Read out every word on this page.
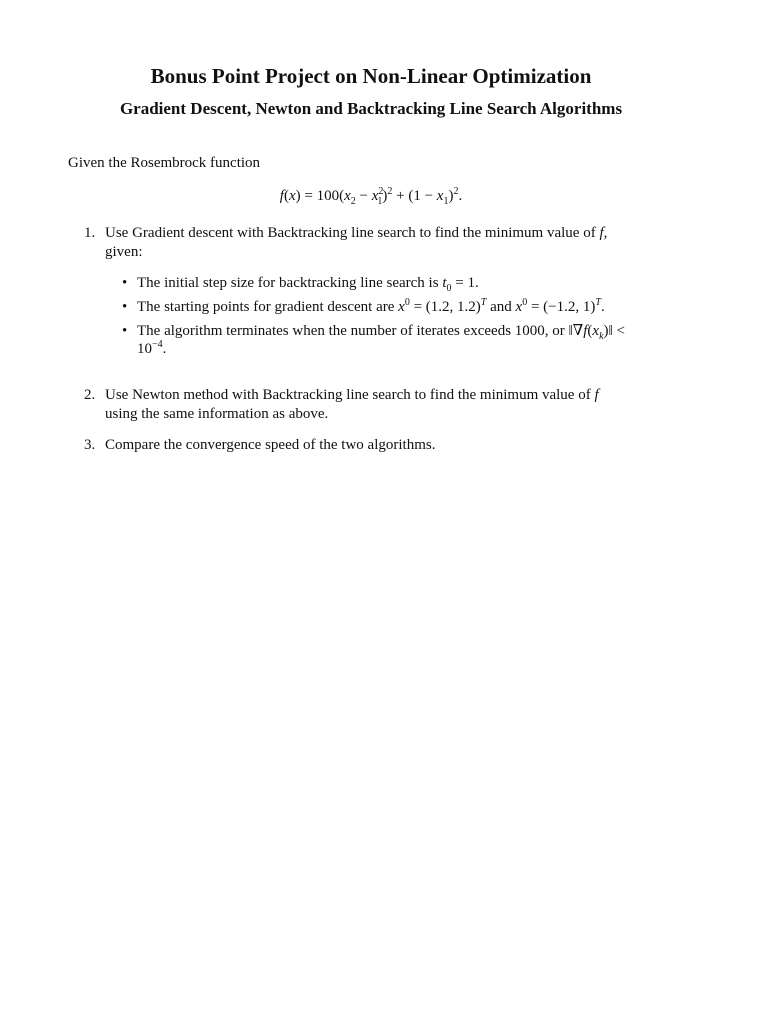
Bonus Point Project on Non-Linear Optimization
Gradient Descent, Newton and Backtracking Line Search Algorithms
Given the Rosembrock function
$f(x) = 100(x_2 - x^2_1)^2 + (1 - x_1)^2$.
1. Use Gradient descent with Backtracking line search to find the minimum value of f,
given:
• The initial step size for backtracking line search is $t_0 = 1$.
• The starting points for gradient descent are $x^0 = (1.2$, 1.2)$^T$ and $x^0 = (-1.2$, 1)$^T$.
• The algorithm terminates when the number of iterates exceeds 1000, or $‖\nabla f(x_k)‖$ <
$10^{-4}$.
2. Use Newton method with Backtracking line search to find the minimum value of f
using the same information as above.
3. Compare the convergence speed of the two algorithms.
